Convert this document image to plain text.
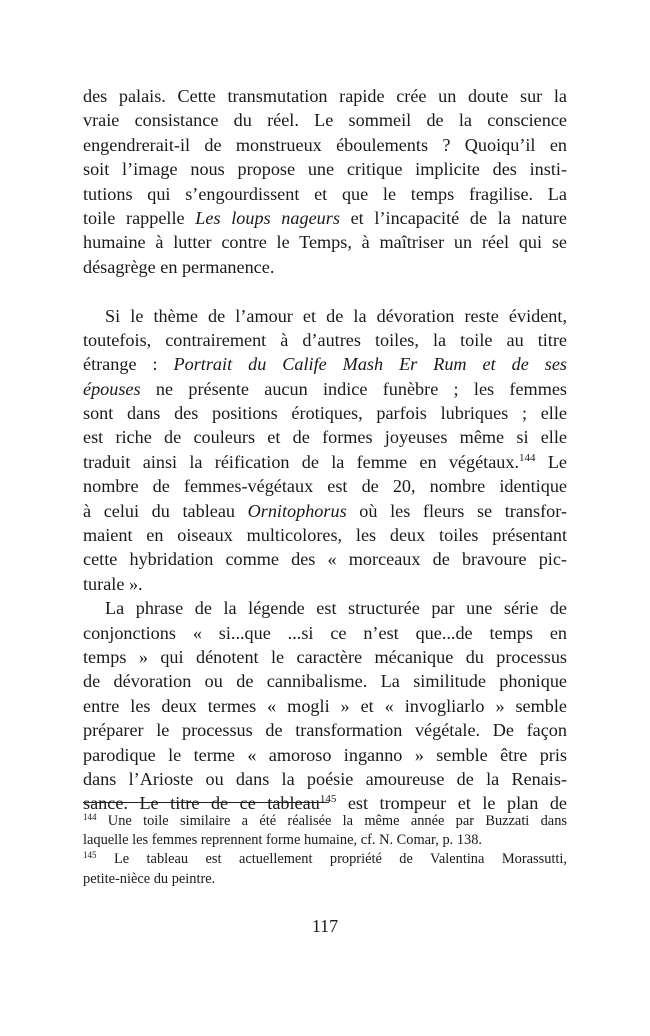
des palais. Cette transmutation rapide crée un doute sur la
vraie consistance du réel. Le sommeil de la conscience
engendrerait-il de monstrueux éboulements ? Quoiqu’il en
soit l’image nous propose une critique implicite des insti-
tutions qui s’engourdissent et que le temps fragilise. La
toile rappelle Les loups nageurs et l’incapacité de la nature
humaine à lutter contre le Temps, à maîtriser un réel qui se
désagrège en permanence.
Si le thème de l’amour et de la dévoration reste évident,
toutefois, contrairement à d’autres toiles, la toile au titre
étrange : Portrait du Calife Mash Er Rum et de ses
épouses ne présente aucun indice funèbre ; les femmes
sont dans des positions érotiques, parfois lubriques ; elle
est riche de couleurs et de formes joyeuses même si elle
traduit ainsi la réification de la femme en végétaux.$^{144}$ Le
nombre de femmes-végétaux est de 20, nombre identique
à celui du tableau Ornitophorus où les fleurs se transfor-
maient en oiseaux multicolores, les deux toiles présentant
cette hybridation comme des « morceaux de bravoure pic-
turale ».
La phrase de la légende est structurée par une série de
conjonctions « si...que ...si ce n’est que...de temps en
temps » qui dénotent le caractère mécanique du processus
de dévoration ou de cannibalisme. La similitude phonique
entre les deux termes « mogli » et « invogliarlo » semble
préparer le processus de transformation végétale. De façon
parodique le terme « amoroso inganno » semble être pris
dans l’Arioste ou dans la poésie amoureuse de la Renais-
sance. Le titre de ce tableau$^{145}$ est trompeur et le plan de
$^{144}$ Une toile similaire a été réalisée la même année par Buzzati dans
laquelle les femmes reprennent forme humaine, cf. N. Comar, p. 138.
$^{145}$ Le tableau est actuellement propriété de Valentina Morassutti,
petite-nièce du peintre.
117
